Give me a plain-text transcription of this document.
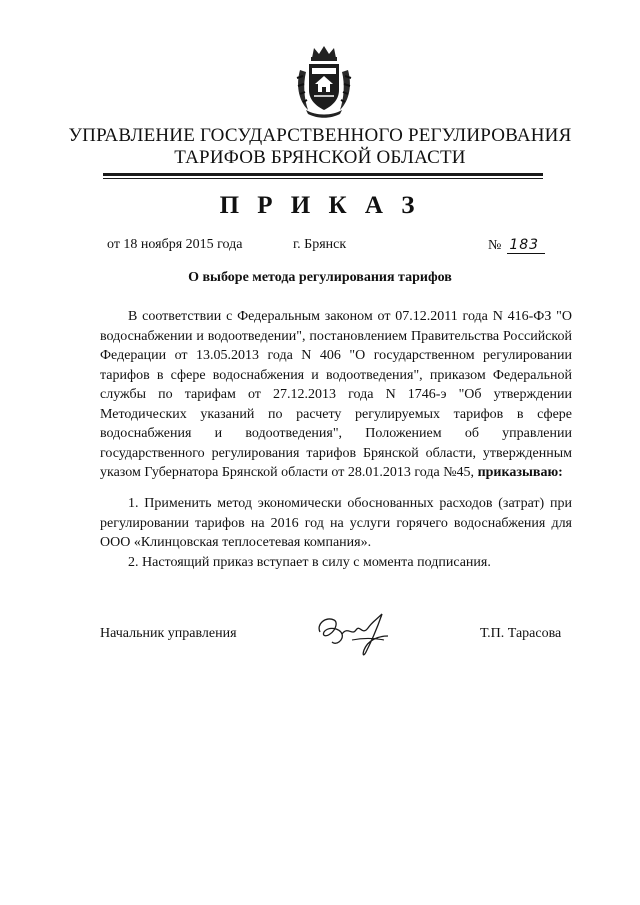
УПРАВЛЕНИЕ ГОСУДАРСТВЕННОГО РЕГУЛИРОВАНИЯ
ТАРИФОВ БРЯНСКОЙ ОБЛАСТИ
П Р И К А З
от 18 ноября 2015 года	г. Брянск	№ 183
О выборе метода регулирования тарифов
В соответствии с Федеральным законом от 07.12.2011 года N 416-ФЗ "О водоснабжении и водоотведении", постановлением Правительства Российской Федерации от 13.05.2013 года N 406 "О государственном регулировании тарифов в сфере водоснабжения и водоотведения", приказом Федеральной службы по тарифам от 27.12.2013 года N 1746-э "Об утверждении Методических указаний по расчету регулируемых тарифов в сфере водоснабжения и водоотведения", Положением об управлении государственного регулирования тарифов Брянской области, утвержденным указом Губернатора Брянской области от 28.01.2013 года №45, приказываю:
1. Применить метод экономически обоснованных расходов (затрат) при регулировании тарифов на 2016 год на услуги горячего водоснабжения для ООО «Клинцовская теплосетевая компания».
2. Настоящий приказ вступает в силу с момента подписания.
Начальник управления	Т.П. Тарасова
